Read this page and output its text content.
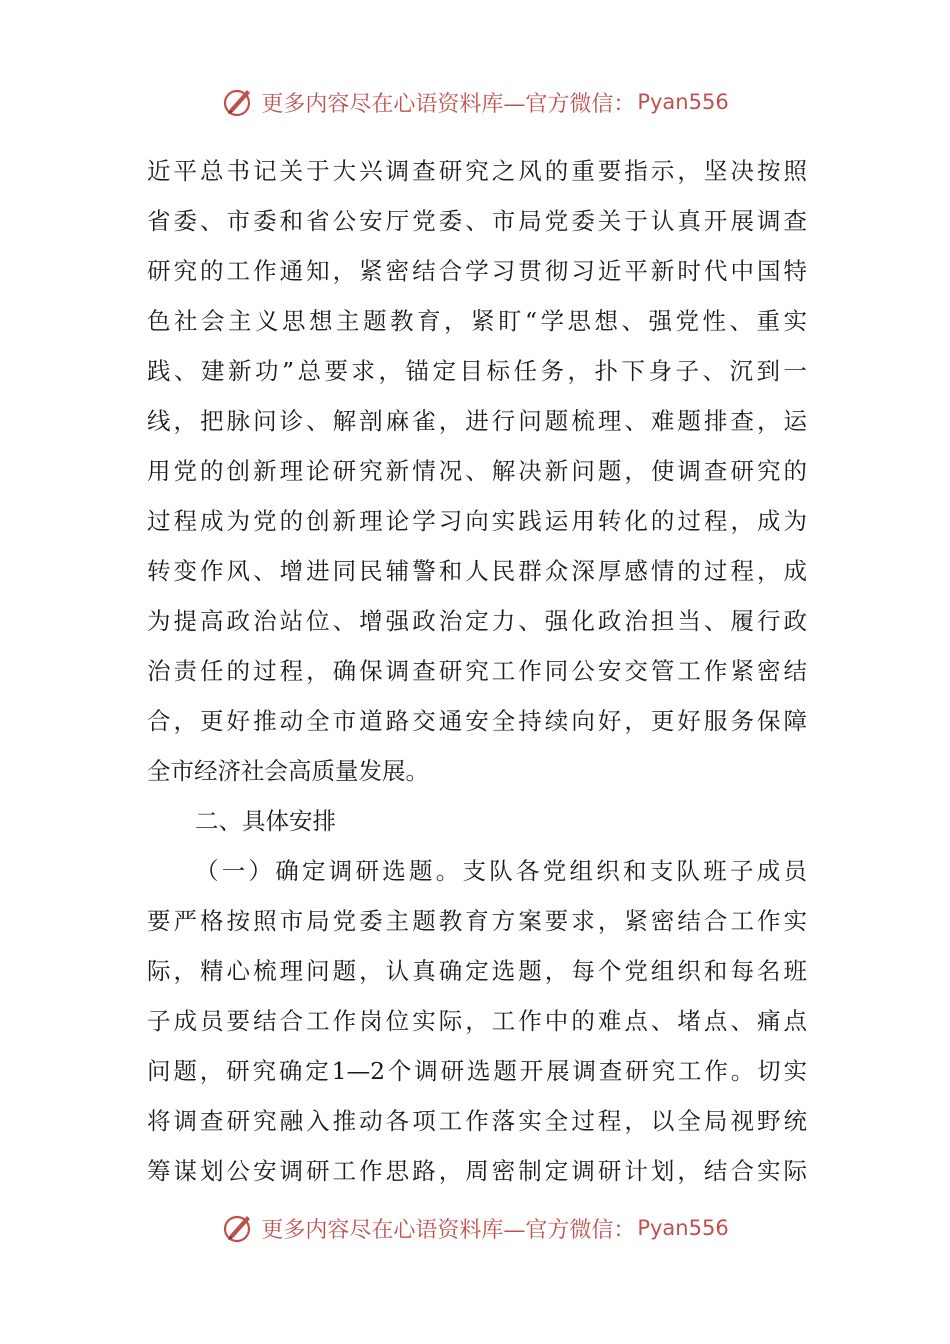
更多内容尽在心语资料库—官方微信： Pyan556
近平总书记关于大兴调查研究之风的重要指示，坚决按照
省委、市委和省公安厅党委、市局党委关于认真开展调查
研究的工作通知，紧密结合学习贯彻习近平新时代中国特
色社会主义思想主题教育，紧盯“学思想、强党性、重实
践、建新功”总要求，锚定目标任务，扑下身子、沉到一
线，把脉问诊、解剖麻雀，进行问题梳理、难题排查，运
用党的创新理论研究新情况、解决新问题，使调查研究的
过程成为党的创新理论学习向实践运用转化的过程，成为
转变作风、增进同民辅警和人民群众深厚感情的过程，成
为提高政治站位、增强政治定力、强化政治担当、履行政
治责任的过程，确保调查研究工作同公安交管工作紧密结
合，更好推动全市道路交通安全持续向好，更好服务保障
全市经济社会高质量发展。
二、具体安排
（一）确定调研选题。支队各党组织和支队班子成员
要严格按照市局党委主题教育方案要求，紧密结合工作实
际，精心梳理问题，认真确定选题，每个党组织和每名班
子成员要结合工作岗位实际，工作中的难点、堵点、痛点
问题，研究确定1—2个调研选题开展调查研究工作。切实
将调查研究融入推动各项工作落实全过程，以全局视野统
筹谋划公安调研工作思路，周密制定调研计划，结合实际
更多内容尽在心语资料库—官方微信： Pyan556
